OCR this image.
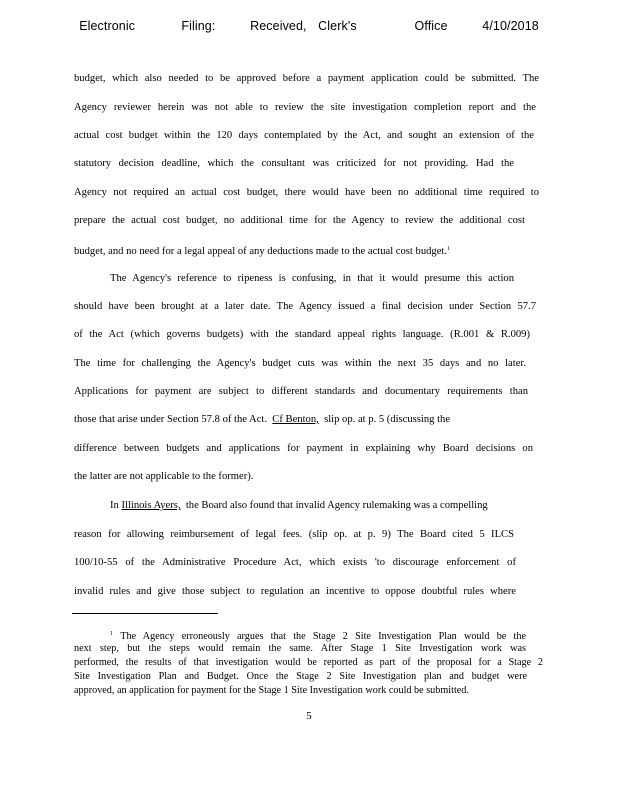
Electronic    Filing:   Received, Clerk's     Office   4/10/2018
budget, which also needed to be approved before a payment application could be submitted. The
Agency reviewer herein was not able to review the site investigation completion report and the
actual cost budget within the 120 days contemplated by the Act, and sought an extension of the
statutory decision deadline, which the consultant was criticized for not providing. Had the
Agency not required an actual cost budget, there would have been no additional time required to
prepare the actual cost budget, no additional time for the Agency to review the additional cost
budget, and no need for a legal appeal of any deductions made to the actual cost budget.$^1$
The Agency's reference to ripeness is confusing, in that it would presume this action
should have been brought at a later date. The Agency issued a final decision under Section 57.7
of the Act (which governs budgets) with the standard appeal rights language. (R.001 & R.009)
The time for challenging the Agency's budget cuts was within the next 35 days and no later.
Applications for payment are subject to different standards and documentary requirements than
those that arise under Section 57.8 of the Act. Cf Benton, slip op. at p. 5 (discussing the
difference between budgets and applications for payment in explaining why Board decisions on
the latter are not applicable to the former).
In Illinois Ayers, the Board also found that invalid Agency rulemaking was a compelling
reason for allowing reimbursement of legal fees. (slip op. at p. 9) The Board cited 5 ILCS
100/10-55 of the Administrative Procedure Act, which exists 'to discourage enforcement of
invalid rules and give those subject to regulation an incentive to oppose doubtful rules where
$^1$ The Agency erroneously argues that the Stage 2 Site Investigation Plan would be the
next step, but the steps would remain the same. After Stage 1 Site Investigation work was
performed, the results of that investigation would be reported as part of the proposal for a Stage 2
Site Investigation Plan and Budget. Once the Stage 2 Site Investigation plan and budget were
approved, an application for payment for the Stage 1 Site Investigation work could be submitted.
5
